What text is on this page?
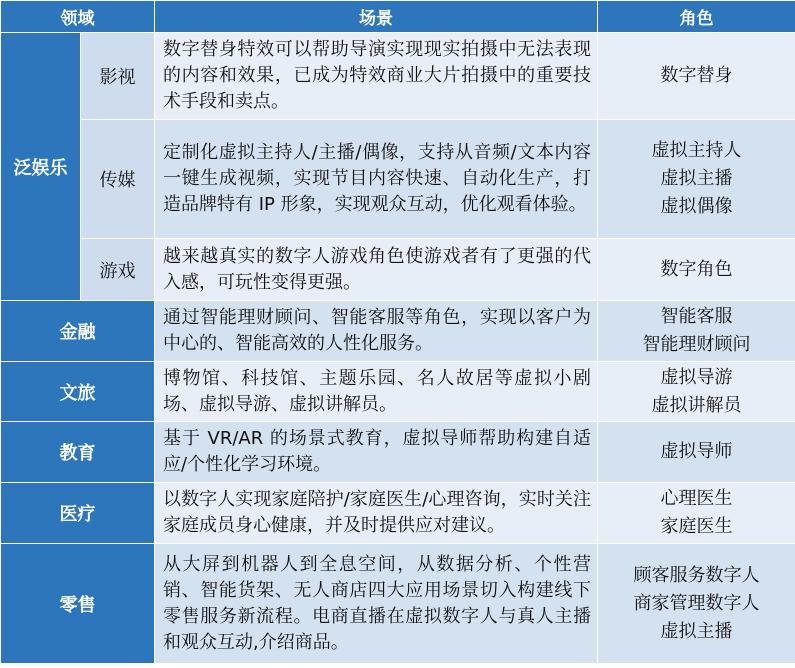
领域		场景	角色
泛娱乐	影视	数字替身特效可以帮助导演实现现实拍摄中无法表现的内容和效果，已成为特效商业大片拍摄中的重要技术手段和卖点。	数字替身

	传媒	定制化虚拟主持人/主播/偶像，支持从音频/文本内容一键生成视频，实现节目内容快速、自动化生产，打造品牌特有 IP 形象，实现观众互动，优化观看体验。	虚拟主持人
虚拟主播
虚拟偶像

	游戏	越来越真实的数字人游戏角色使游戏者有了更强的代入感，可玩性变得更强。	数字角色

金融		通过智能理财顾问、智能客服等角色，实现以客户为中心的、智能高效的人性化服务。	智能客服
智能理财顾问

文旅		博物馆、科技馆、主题乐园、名人故居等虚拟小剧场、虚拟导游、虚拟讲解员。	虚拟导游
虚拟讲解员

教育		基于 VR/AR 的场景式教育，虚拟导师帮助构建自适应/个性化学习环境。	虚拟导师

医疗		以数字人实现家庭陪护/家庭医生/心理咨询，实时关注家庭成员身心健康，并及时提供应对建议。	心理医生
家庭医生

零售		从大屏到机器人到全息空间，从数据分析、个性营销、智能货架、无人商店四大应用场景切入构建线下零售服务新流程。电商直播在虚拟数字人与真人主播和观众互动,介绍商品。	顾客服务数字人
商家管理数字人
虚拟主播
